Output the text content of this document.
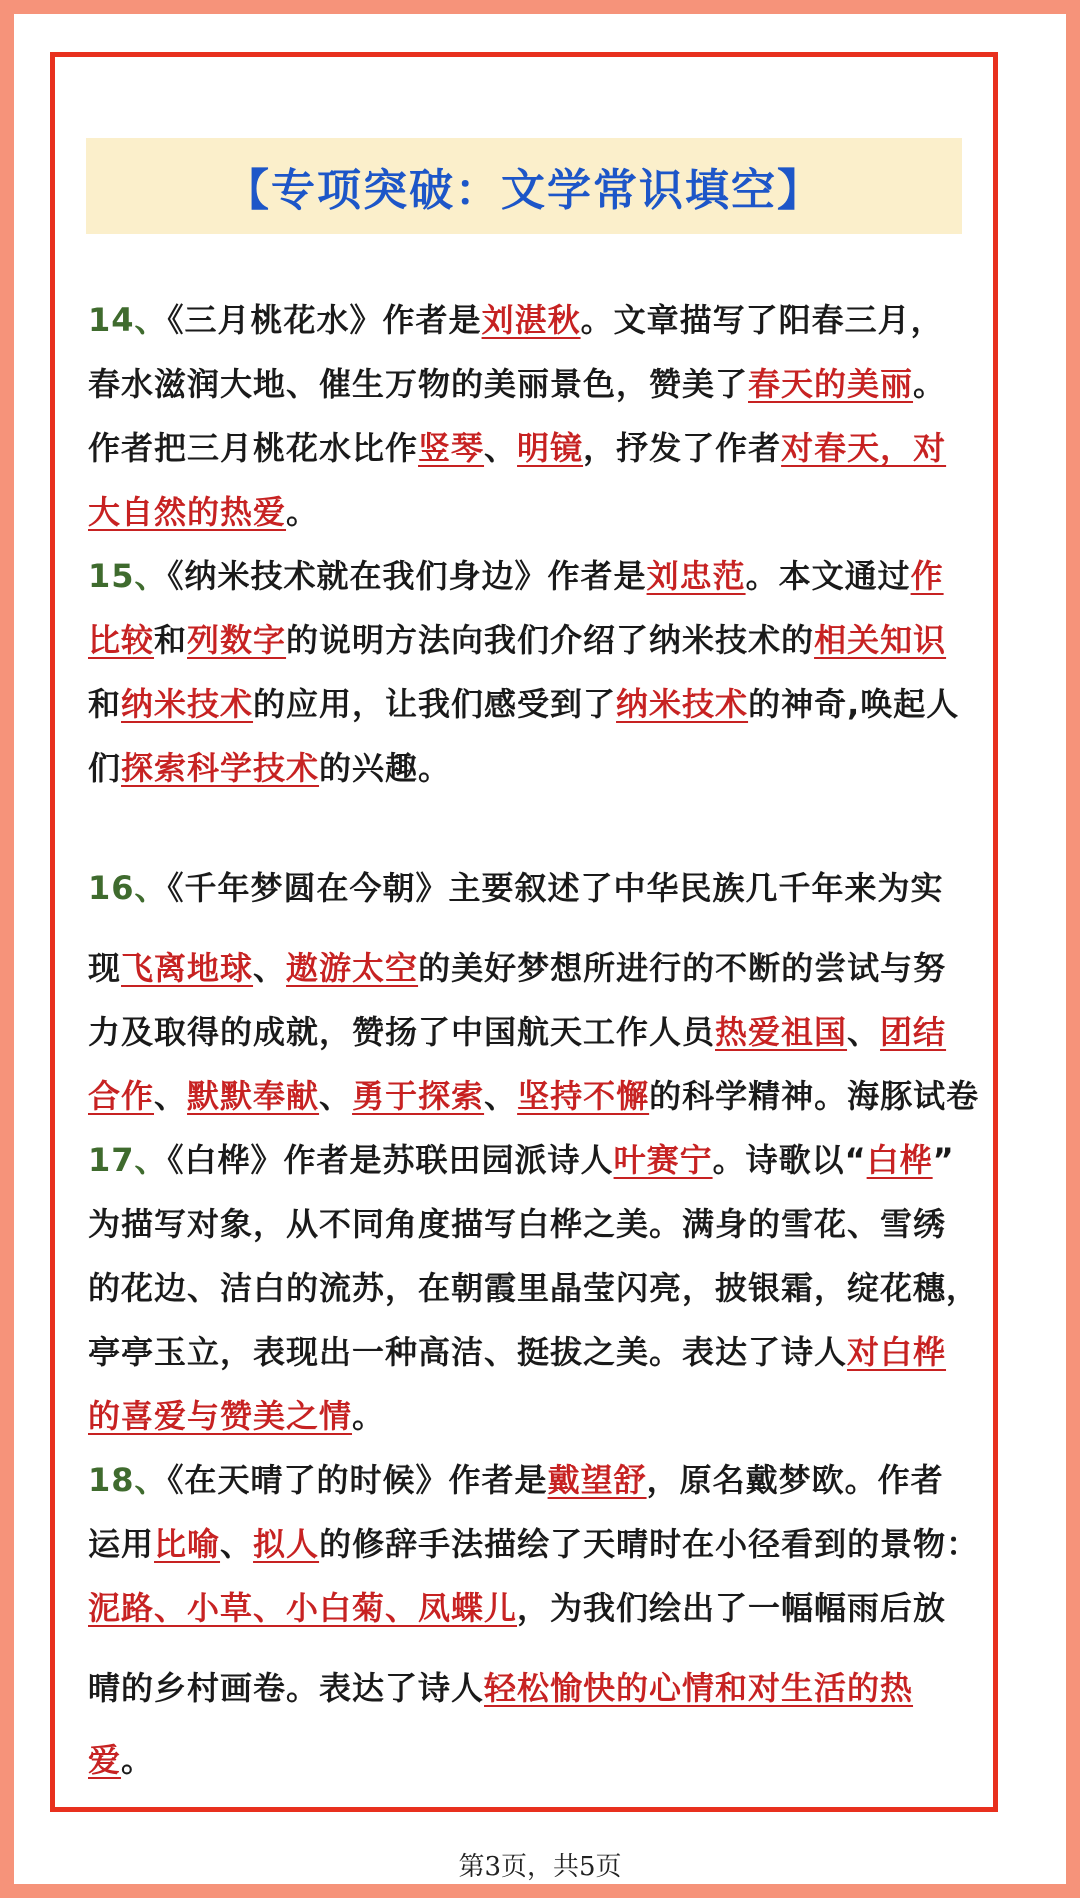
【专项突破：文学常识填空】
14、《三月桃花水》作者是刘湛秋。文章描写了阳春三月，
春水滋润大地、催生万物的美丽景色，赞美了春天的美丽。
作者把三月桃花水比作竖琴、明镜，抒发了作者对春天，对
大自然的热爱。
15、《纳米技术就在我们身边》作者是刘忠范。本文通过作
比较和列数字的说明方法向我们介绍了纳米技术的相关知识
和纳米技术的应用，让我们感受到了纳米技术的神奇,唤起人
们探索科学技术的兴趣。
16、《千年梦圆在今朝》主要叙述了中华民族几千年来为实
现飞离地球、遨游太空的美好梦想所进行的不断的尝试与努
力及取得的成就，赞扬了中国航天工作人员热爱祖国、团结
合作、默默奉献、勇于探索、坚持不懈的科学精神。海豚试卷
17、《白桦》作者是苏联田园派诗人叶赛宁。诗歌以“白桦”
为描写对象，从不同角度描写白桦之美。满身的雪花、雪绣
的花边、洁白的流苏，在朝霞里晶莹闪亮，披银霜，绽花穗，
亭亭玉立，表现出一种高洁、挺拔之美。表达了诗人对白桦
的喜爱与赞美之情。
18、《在天晴了的时候》作者是戴望舒，原名戴梦欧。作者
运用比喻、拟人的修辞手法描绘了天晴时在小径看到的景物：
泥路、小草、小白菊、凤蝶儿，为我们绘出了一幅幅雨后放
晴的乡村画卷。表达了诗人轻松愉快的心情和对生活的热
爱。
第3页，共5页
